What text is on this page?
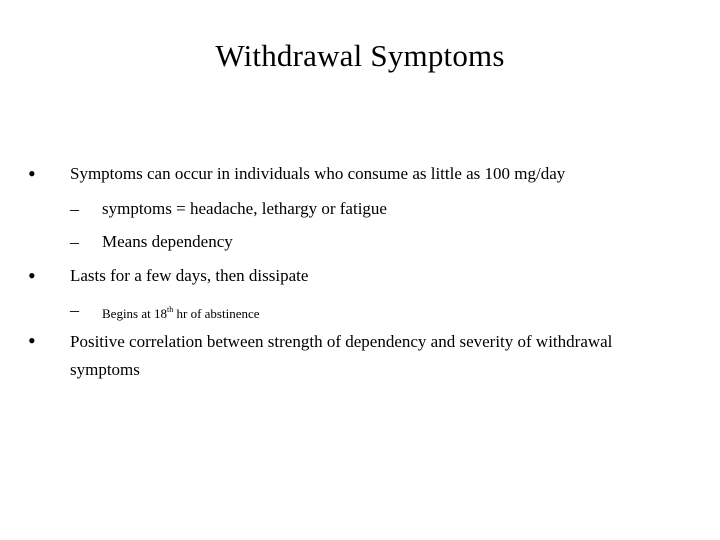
Withdrawal Symptoms
• Symptoms can occur in individuals who consume as little as 100 mg/day
– symptoms = headache, lethargy or fatigue
– Means dependency
• Lasts for a few days, then dissipate
– Begins at 18th hr of abstinence
• Positive correlation between strength of dependency and severity of withdrawal symptoms
